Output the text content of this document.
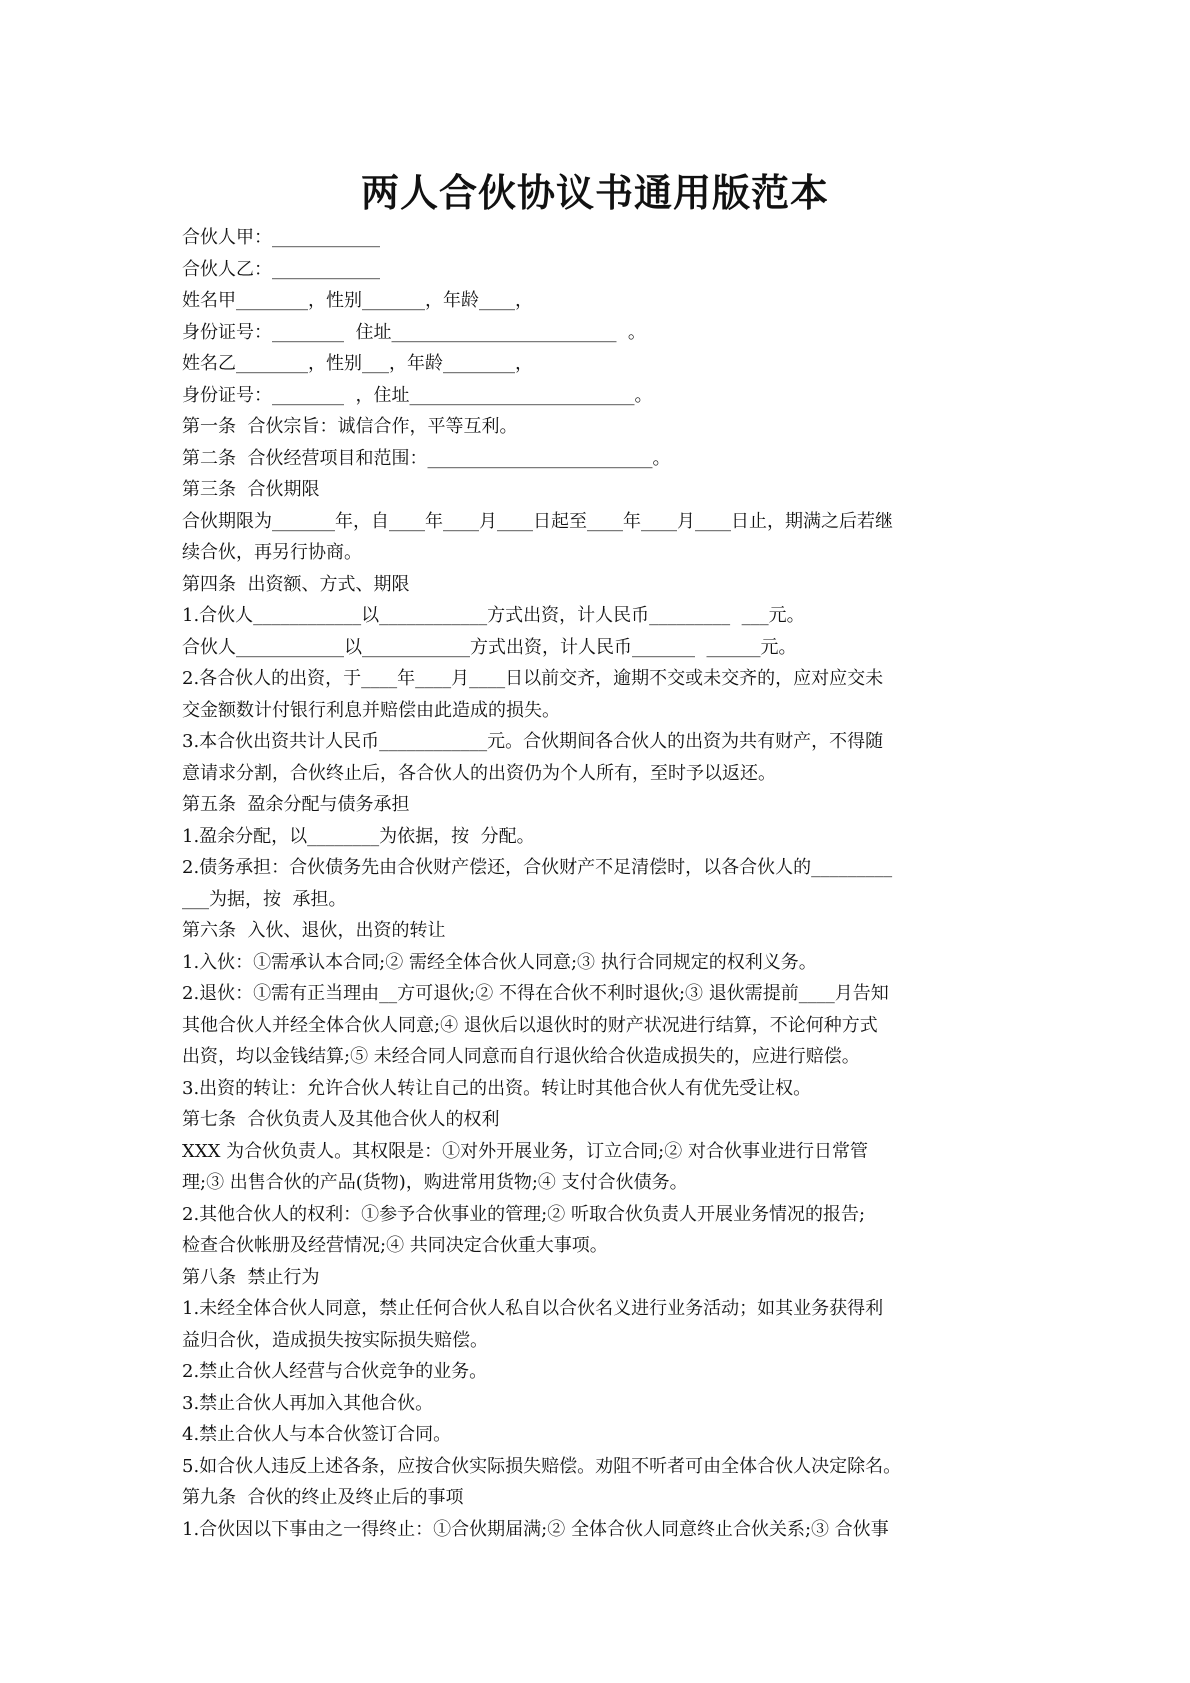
两人合伙协议书通用版范本

合伙人甲：____________

合伙人乙：____________

姓名甲________，性别_______，年龄____，

身份证号：________  住址_________________________  。

姓名乙________，性别___，年龄________，

身份证号：________  ，住址_________________________。

第一条  合伙宗旨：诚信合作，平等互利。

第二条  合伙经营项目和范围：_________________________。

第三条  合伙期限

合伙期限为_______年，自____年____月____日起至____年____月____日止，期满之后若继

续合伙，再另行协商。

第四条  出资额、方式、期限

1.合伙人____________以____________方式出资，计人民币_________  ___元。

合伙人____________以____________方式出资，计人民币_______  ______元。

2.各合伙人的出资，于____年____月____日以前交齐，逾期不交或未交齐的，应对应交未

交金额数计付银行利息并赔偿由此造成的损失。

3.本合伙出资共计人民币____________元。合伙期间各合伙人的出资为共有财产，不得随

意请求分割，合伙终止后，各合伙人的出资仍为个人所有，至时予以返还。

第五条  盈余分配与债务承担

1.盈余分配，以________为依据，按  分配。

2.债务承担：合伙债务先由合伙财产偿还，合伙财产不足清偿时，以各合伙人的_________

___为据，按  承担。

第六条  入伙、退伙，出资的转让

1.入伙：①需承认本合同;② 需经全体合伙人同意;③ 执行合同规定的权利义务。

2.退伙：①需有正当理由__方可退伙;② 不得在合伙不利时退伙;③ 退伙需提前____月告知

其他合伙人并经全体合伙人同意;④ 退伙后以退伙时的财产状况进行结算，不论何种方式

出资，均以金钱结算;⑤ 未经合同人同意而自行退伙给合伙造成损失的，应进行赔偿。

3.出资的转让：允许合伙人转让自己的出资。转让时其他合伙人有优先受让权。

第七条  合伙负责人及其他合伙人的权利

XXX 为合伙负责人。其权限是：①对外开展业务，订立合同;② 对合伙事业进行日常管

理;③ 出售合伙的产品(货物)，购进常用货物;④ 支付合伙债务。

2.其他合伙人的权利：①参予合伙事业的管理;② 听取合伙负责人开展业务情况的报告;

检查合伙帐册及经营情况;④ 共同决定合伙重大事项。

第八条  禁止行为

1.未经全体合伙人同意，禁止任何合伙人私自以合伙名义进行业务活动；如其业务获得利

益归合伙，造成损失按实际损失赔偿。

2.禁止合伙人经营与合伙竞争的业务。

3.禁止合伙人再加入其他合伙。

4.禁止合伙人与本合伙签订合同。

5.如合伙人违反上述各条，应按合伙实际损失赔偿。劝阻不听者可由全体合伙人决定除名。

第九条  合伙的终止及终止后的事项

1.合伙因以下事由之一得终止：①合伙期届满;② 全体合伙人同意终止合伙关系;③ 合伙事
